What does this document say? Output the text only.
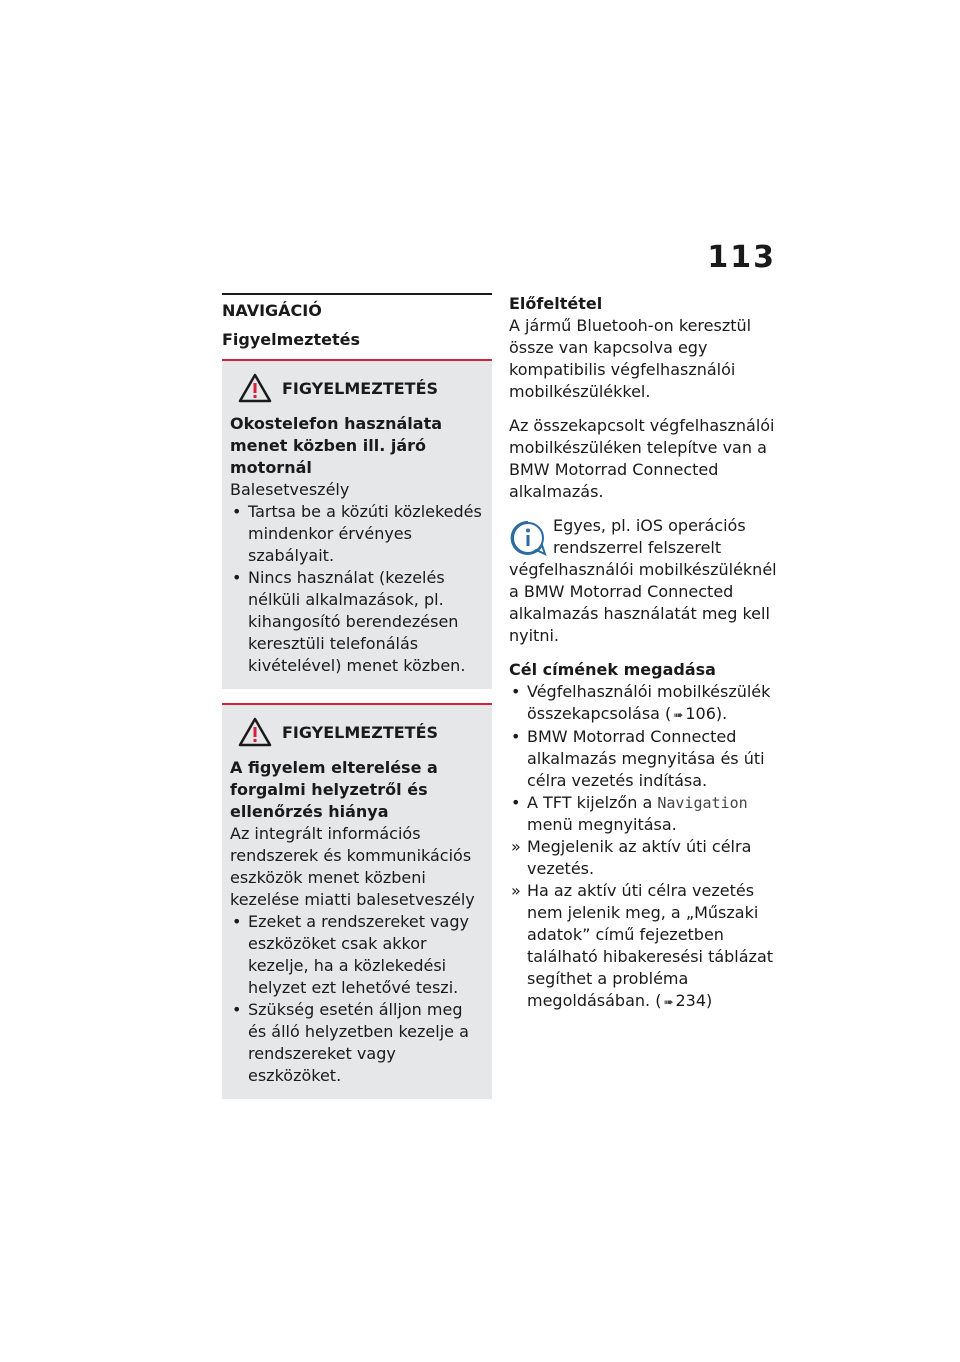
113
NAVIGÁCIÓ
Figyelmeztetés
FIGYELMEZTETÉS
Okostelefon használata menet közben ill. járó motornál
Balesetveszély
• Tartsa be a közúti közlekedés mindenkor érvényes szabályait.
• Nincs használat (kezelés nélküli alkalmazások, pl. kihangosító berendezésen keresztüli telefonálás kivételével) menet közben.
FIGYELMEZTETÉS
A figyelem elterelése a forgalmi helyzetről és ellenőrzés hiánya
Az integrált információs rendszerek és kommunikációs eszközök menet közbeni kezelése miatti balesetveszély
• Ezeket a rendszereket vagy eszközöket csak akkor kezelje, ha a közlekedési helyzet ezt lehetővé teszi.
• Szükség esetén álljon meg és álló helyzetben kezelje a rendszereket vagy eszközöket.
Előfeltétel

A jármű Bluetooh-on keresztül össze van kapcsolva egy kompatibilis végfelhasználói mobilkészülékkel.

Az összekapcsolt végfelhasználói mobilkészüléken telepítve van a BMW Motorrad Connected alkalmazás.

Egyes, pl. iOS operációs rendszerrel felszerelt végfelhasználói mobilkészüléknél a BMW Motorrad Connected alkalmazás használatát meg kell nyitni.
Cél címének megadása
• Végfelhasználói mobilkészülék összekapcsolása ( ➠ 106).
• BMW Motorrad Connected alkalmazás megnyitása és úti célra vezetés indítása.
• A TFT kijelzőn a Navigation menü megnyitása.
» Megjelenik az aktív úti célra vezetés.
» Ha az aktív úti célra vezetés nem jelenik meg, a „Műszaki adatok” című fejezetben található hibakeresési táblázat segíthet a probléma megoldásában. ( ➠ 234)
